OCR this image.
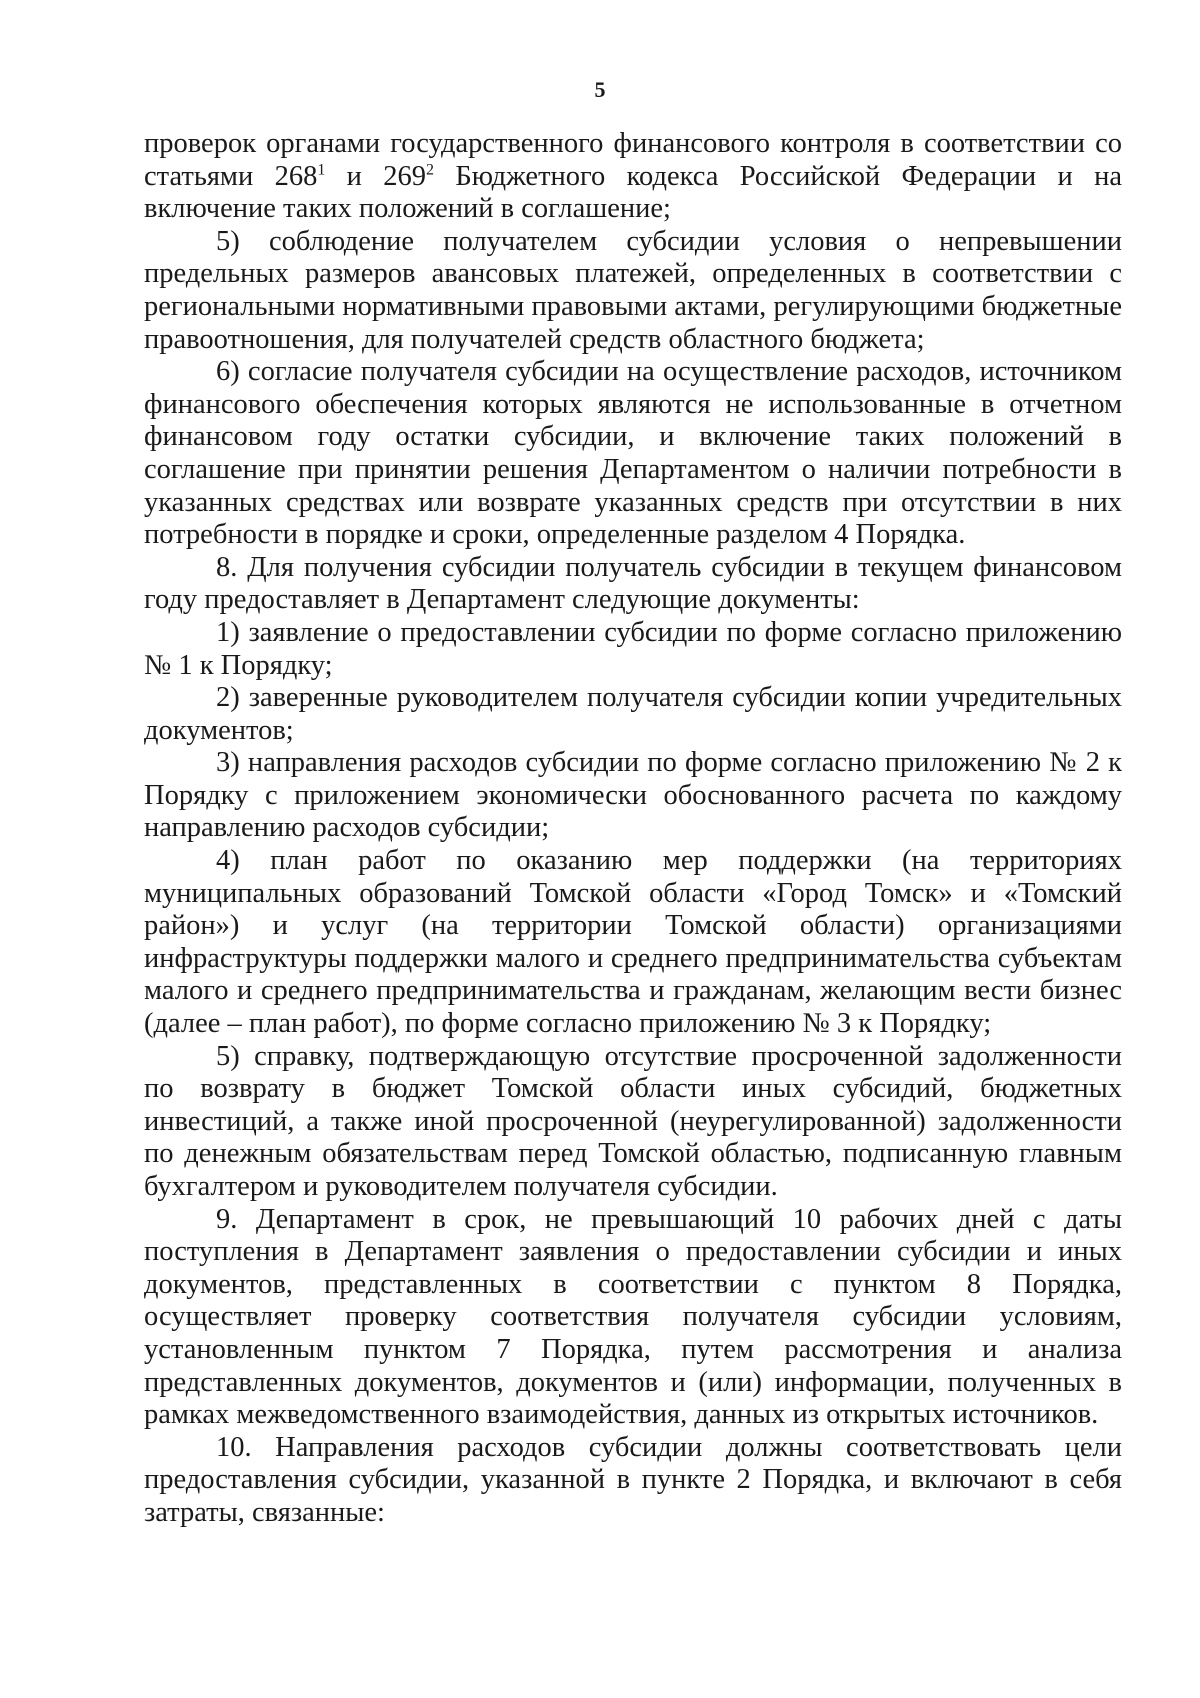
5

проверок органами государственного финансового контроля в соответствии со статьями $268^1$ и $269^2$ Бюджетного кодекса Российской Федерации и на включение таких положений в соглашение;

5) соблюдение получателем субсидии условия о непревышении предельных размеров авансовых платежей, определенных в соответствии с региональными нормативными правовыми актами, регулирующими бюджетные правоотношения, для получателей средств областного бюджета;

6) согласие получателя субсидии на осуществление расходов, источником финансового обеспечения которых являются не использованные в отчетном финансовом году остатки субсидии, и включение таких положений в соглашение при принятии решения Департаментом о наличии потребности в указанных средствах или возврате указанных средств при отсутствии в них потребности в порядке и сроки, определенные разделом 4 Порядка.

8. Для получения субсидии получатель субсидии в текущем финансовом году предоставляет в Департамент следующие документы:

1) заявление о предоставлении субсидии по форме согласно приложению № 1 к Порядку;

2) заверенные руководителем получателя субсидии копии учредительных документов;

3) направления расходов субсидии по форме согласно приложению № 2 к Порядку с приложением экономически обоснованного расчета по каждому направлению расходов субсидии;

4) план работ по оказанию мер поддержки (на территориях муниципальных образований Томской области «Город Томск» и «Томский район») и услуг (на территории Томской области) организациями инфраструктуры поддержки малого и среднего предпринимательства субъектам малого и среднего предпринимательства и гражданам, желающим вести бизнес (далее – план работ), по форме согласно приложению № 3 к Порядку;

5) справку, подтверждающую отсутствие просроченной задолженности по возврату в бюджет Томской области иных субсидий, бюджетных инвестиций, а также иной просроченной (неурегулированной) задолженности по денежным обязательствам перед Томской областью, подписанную главным бухгалтером и руководителем получателя субсидии.

9. Департамент в срок, не превышающий 10 рабочих дней с даты поступления в Департамент заявления о предоставлении субсидии и иных документов, представленных в соответствии с пунктом 8 Порядка, осуществляет проверку соответствия получателя субсидии условиям, установленным пунктом 7 Порядка, путем рассмотрения и анализа представленных документов, документов и (или) информации, полученных в рамках межведомственного взаимодействия, данных из открытых источников.

10. Направления расходов субсидии должны соответствовать цели предоставления субсидии, указанной в пункте 2 Порядка, и включают в себя затраты, связанные:
